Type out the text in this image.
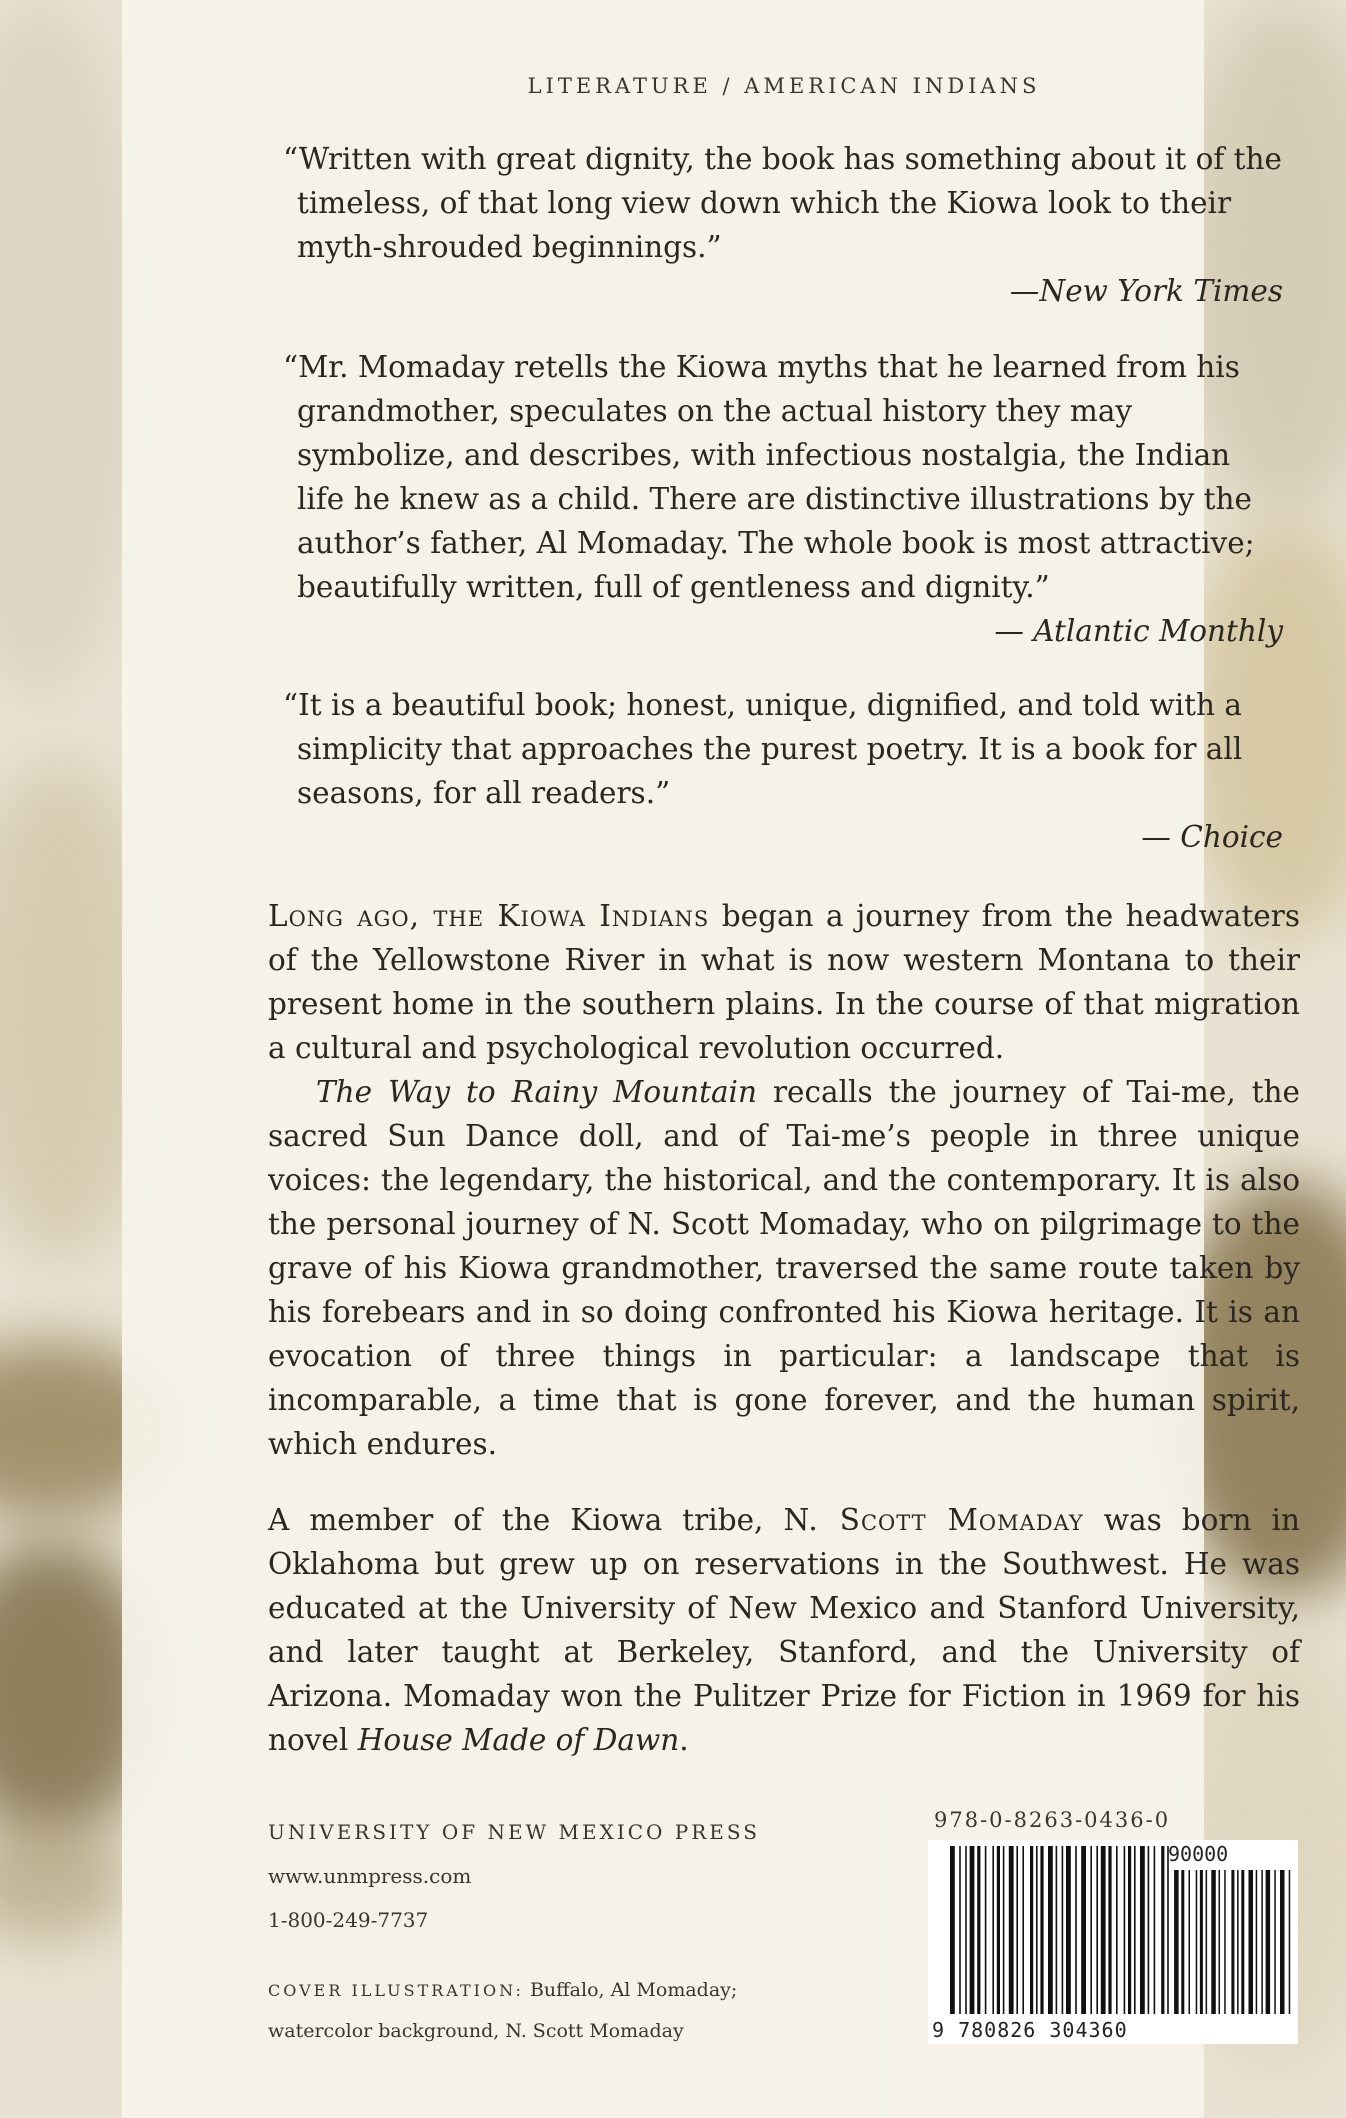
LITERATURE / AMERICAN INDIANS
“Written with great dignity, the book has something about it of the timeless, of that long view down which the Kiowa look to their myth-shrouded beginnings.”
—New York Times
“Mr. Momaday retells the Kiowa myths that he learned from his grandmother, speculates on the actual history they may symbolize, and describes, with infectious nostalgia, the Indian life he knew as a child. There are distinctive illustrations by the author’s father, Al Momaday. The whole book is most attractive; beautifully written, full of gentleness and dignity.”
— Atlantic Monthly
“It is a beautiful book; honest, unique, dignified, and told with a simplicity that approaches the purest poetry. It is a book for all seasons, for all readers.”
— Choice

Long ago, the Kiowa Indians began a journey from the headwaters of the Yellowstone River in what is now western Montana to their present home in the southern plains. In the course of that migration a cultural and psychological revolution occurred.

The Way to Rainy Mountain recalls the journey of Tai-me, the sacred Sun Dance doll, and of Tai-me’s people in three unique voices: the legendary, the historical, and the contemporary. It is also the personal journey of N. Scott Momaday, who on pilgrimage to the grave of his Kiowa grandmother, traversed the same route taken by his forebears and in so doing confronted his Kiowa heritage. It is an evocation of three things in particular: a landscape that is incomparable, a time that is gone forever, and the human spirit, which endures.

A member of the Kiowa tribe, N. Scott Momaday was born in Oklahoma but grew up on reservations in the Southwest. He was educated at the University of New Mexico and Stanford University, and later taught at Berkeley, Stanford, and the University of Arizona. Momaday won the Pulitzer Prize for Fiction in 1969 for his novel House Made of Dawn.

UNIVERSITY OF NEW MEXICO PRESS
www.unmpress.com
1-800-249-7737
COVER ILLUSTRATION: Buffalo, Al Momaday;
watercolor background, N. Scott Momaday
978-0-8263-0436-0
90000
9 780826 304360
